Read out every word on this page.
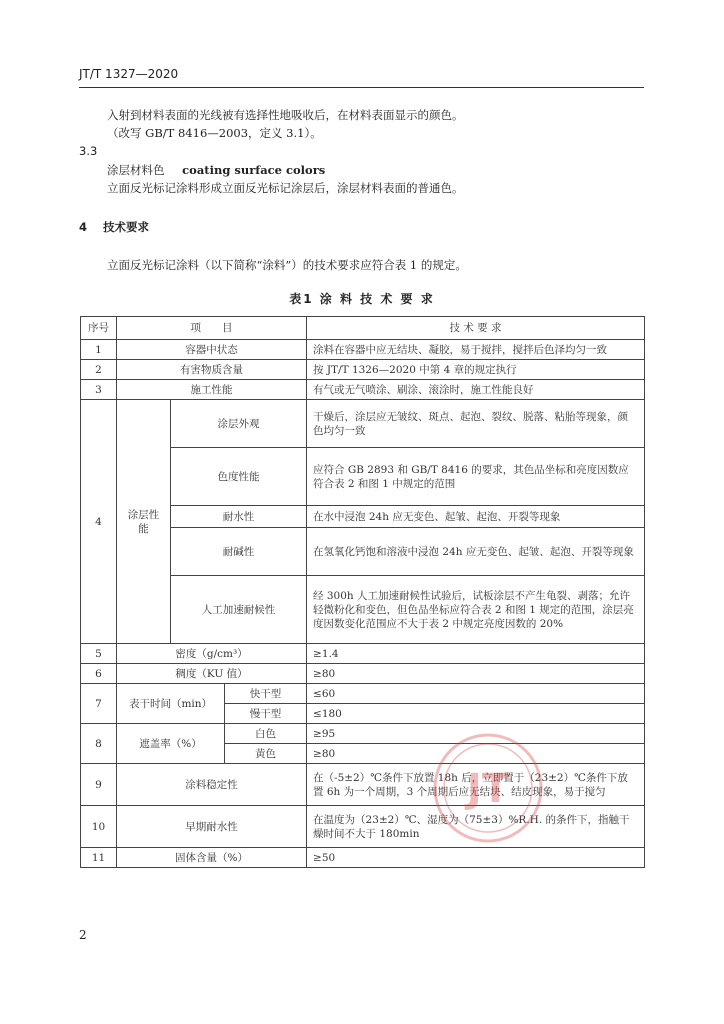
JT/T 1327—2020
入射到材料表面的光线被有选择性地吸收后，在材料表面显示的颜色。
（改写 GB/T 8416—2003，定义 3.1）。
3.3
涂层材料色 coating surface colors
立面反光标记涂料形成立面反光标记涂层后，涂层材料表面的普通色。
4 技术要求
立面反光标记涂料（以下简称“涂料”）的技术要求应符合表 1 的规定。
表1 涂 料 技 术 要 求
序号	项　　目			技 术 要 求
1	容器中状态			涂料在容器中应无结块、凝胶，易于搅拌，搅拌后色泽均匀一致
2	有害物质含量			按 JT/T 1326—2020 中第 4 章的规定执行
3	施工性能			有气或无气喷涂、刷涂、滚涂时，施工性能良好
4	涂层性能	涂层外观		干燥后，涂层应无皱纹、斑点、起泡、裂纹、脱落、粘胎等现象，颜色均匀一致
		色度性能		应符合 GB 2893 和 GB/T 8416 的要求，其色品坐标和亮度因数应符合表 2 和图 1 中规定的范围
		耐水性		在水中浸泡 24h 应无变色、起皱、起泡、开裂等现象
		耐碱性		在氢氧化钙饱和溶液中浸泡 24h 应无变色、起皱、起泡、开裂等现象
		人工加速耐候性		经 300h 人工加速耐候性试验后，试板涂层不产生龟裂、剥落；允许轻微粉化和变色，但色品坐标应符合表 2 和图 1 规定的范围，涂层亮度因数变化范围应不大于表 2 中规定亮度因数的 20%
5	密度（g/cm³）			≥1.4
6	稠度（KU 值）			≥80
7	表干时间（min）		快干型	≤60
			慢干型	≤180
8	遮盖率（%）		白色	≥95
			黄色	≥80
9	涂料稳定性			在（-5±2）℃条件下放置 18h 后，立即置于（23±2）℃条件下放置 6h 为一个周期，3 个周期后应无结块、结皮现象，易于搅匀
10	早期耐水性			在温度为（23±2）℃、湿度为（75±3）%R.H. 的条件下，指触干燥时间不大于 180min
11	固体含量（%）			≥50
JT
2
